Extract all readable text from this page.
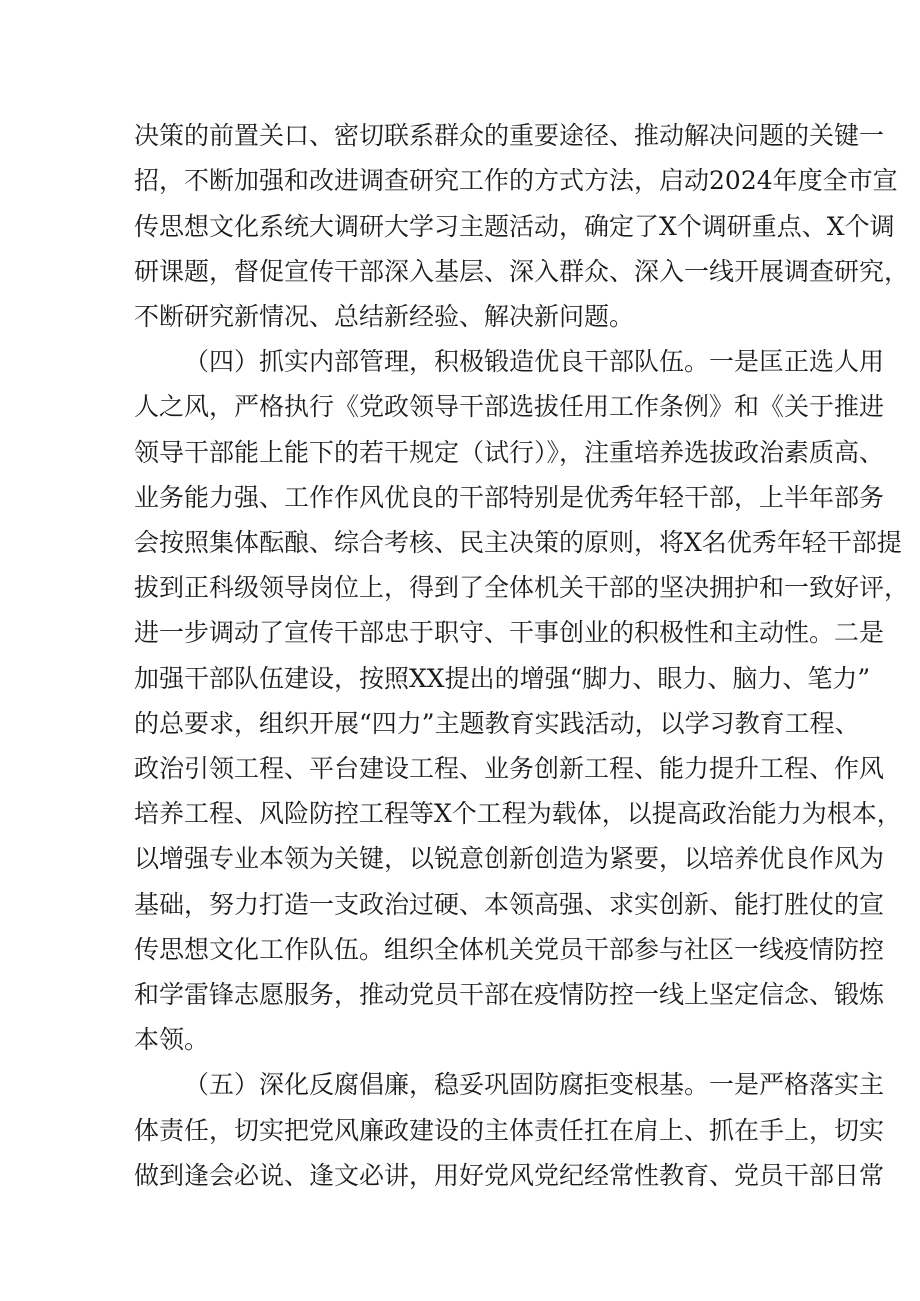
决策的前置关口、密切联系群众的重要途径、推动解决问题的关键一
招，不断加强和改进调查研究工作的方式方法，启动2024年度全市宣
传思想文化系统大调研大学习主题活动，确定了X个调研重点、X个调
研课题，督促宣传干部深入基层、深入群众、深入一线开展调查研究，
不断研究新情况、总结新经验、解决新问题。
（四）抓实内部管理，积极锻造优良干部队伍。一是匡正选人用
人之风，严格执行《党政领导干部选拔任用工作条例》和《关于推进
领导干部能上能下的若干规定（试行）》，注重培养选拔政治素质高、
业务能力强、工作作风优良的干部特别是优秀年轻干部，上半年部务
会按照集体酝酿、综合考核、民主决策的原则，将X名优秀年轻干部提
拔到正科级领导岗位上，得到了全体机关干部的坚决拥护和一致好评，
进一步调动了宣传干部忠于职守、干事创业的积极性和主动性。二是
加强干部队伍建设，按照XX提出的增强“脚力、眼力、脑力、笔力”
的总要求，组织开展“四力”主题教育实践活动，以学习教育工程、
政治引领工程、平台建设工程、业务创新工程、能力提升工程、作风
培养工程、风险防控工程等X个工程为载体，以提高政治能力为根本，
以增强专业本领为关键，以锐意创新创造为紧要，以培养优良作风为
基础，努力打造一支政治过硬、本领高强、求实创新、能打胜仗的宣
传思想文化工作队伍。组织全体机关党员干部参与社区一线疫情防控
和学雷锋志愿服务，推动党员干部在疫情防控一线上坚定信念、锻炼
本领。
（五）深化反腐倡廉，稳妥巩固防腐拒变根基。一是严格落实主
体责任，切实把党风廉政建设的主体责任扛在肩上、抓在手上，切实
做到逢会必说、逢文必讲，用好党风党纪经常性教育、党员干部日常
